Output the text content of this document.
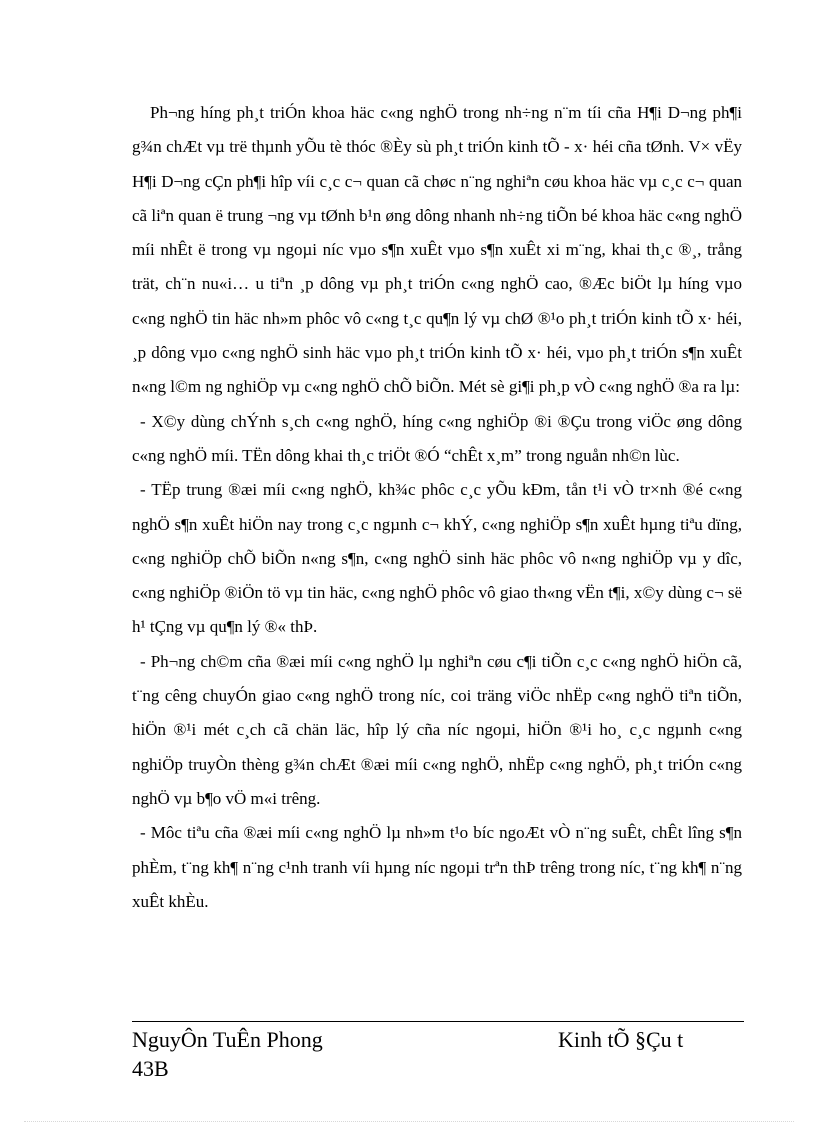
Ph¬ng híng ph¸t triÓn khoa häc c«ng nghÖ trong nh÷ng n¨m tíi cña H¶i D¬ng ph¶i g¾n chÆt vµ trë thµnh yÕu tè thóc ®Èy sù ph¸t triÓn kinh tÕ - x· héi cña tØnh. V× vËy H¶i D¬ng cÇn ph¶i hîp víi c¸c c¬ quan cã chøc n¨ng nghiªn cøu khoa häc vµ c¸c c¬ quan cã liªn quan ë trung ¬ng vµ tØnh b¹n øng dông nhanh nh÷ng tiÕn bé khoa häc c«ng nghÖ míi nhÊt ë trong vµ ngoµi níc vµo s¶n xuÊt vµo s¶n xuÊt xi m¨ng, khai th¸c ®¸, trång trät, ch¨n nu«i… u tiªn ¸p dông vµ ph¸t triÓn c«ng nghÖ cao, ®Æc biÖt lµ híng vµo c«ng nghÖ tin häc nh»m phôc vô c«ng t¸c qu¶n lý vµ chØ ®¹o ph¸t triÓn kinh tÕ x· héi, ¸p dông vµo c«ng nghÖ sinh häc vµo ph¸t triÓn kinh tÕ x· héi, vµo ph¸t triÓn s¶n xuÊt n«ng l©m ng nghiÖp vµ c«ng nghÖ chÕ biÕn. Mét sè gi¶i ph¸p vÒ c«ng nghÖ ®a ra lµ:

- X©y dùng chÝnh s¸ch c«ng nghÖ, híng c«ng nghiÖp ®i ®Çu trong viÖc øng dông c«ng nghÖ míi. TËn dông khai th¸c triÖt ®Ó “chÊt x¸m” trong nguån nh©n lùc.

- TËp trung ®æi míi c«ng nghÖ, kh¾c phôc c¸c yÕu kÐm, tån t¹i vÒ tr×nh ®é c«ng nghÖ s¶n xuÊt hiÖn nay trong c¸c ngµnh c¬ khÝ, c«ng nghiÖp s¶n xuÊt hµng tiªu dïng, c«ng nghiÖp chÕ biÕn n«ng s¶n, c«ng nghÖ sinh häc phôc vô n«ng nghiÖp vµ y dîc, c«ng nghiÖp ®iÖn tö vµ tin häc, c«ng nghÖ phôc vô giao th«ng vËn t¶i, x©y dùng c¬ së h¹ tÇng vµ qu¶n lý ®« thÞ.

- Ph¬ng ch©m cña ®æi míi c«ng nghÖ lµ nghiªn cøu c¶i tiÕn c¸c c«ng nghÖ hiÖn cã, t¨ng cêng chuyÓn giao c«ng nghÖ trong níc, coi träng viÖc nhËp c«ng nghÖ tiªn tiÕn, hiÖn ®¹i mét c¸ch cã chän läc, hîp lý cña níc ngoµi, hiÖn ®¹i ho¸ c¸c ngµnh c«ng nghiÖp truyÒn thèng g¾n chÆt ®æi míi c«ng nghÖ, nhËp c«ng nghÖ, ph¸t triÓn c«ng nghÖ vµ b¶o vÖ m«i trêng.

- Môc tiªu cña ®æi míi c«ng nghÖ lµ nh»m t¹o bíc ngoÆt vÒ n¨ng suÊt, chÊt lîng s¶n phÈm, t¨ng kh¶ n¨ng c¹nh tranh víi hµng níc ngoµi trªn thÞ trêng trong níc, t¨ng kh¶ n¨ng xuÊt khÈu.

NguyÔn TuÊn Phong
43B
Kinh tÕ §Çu t
